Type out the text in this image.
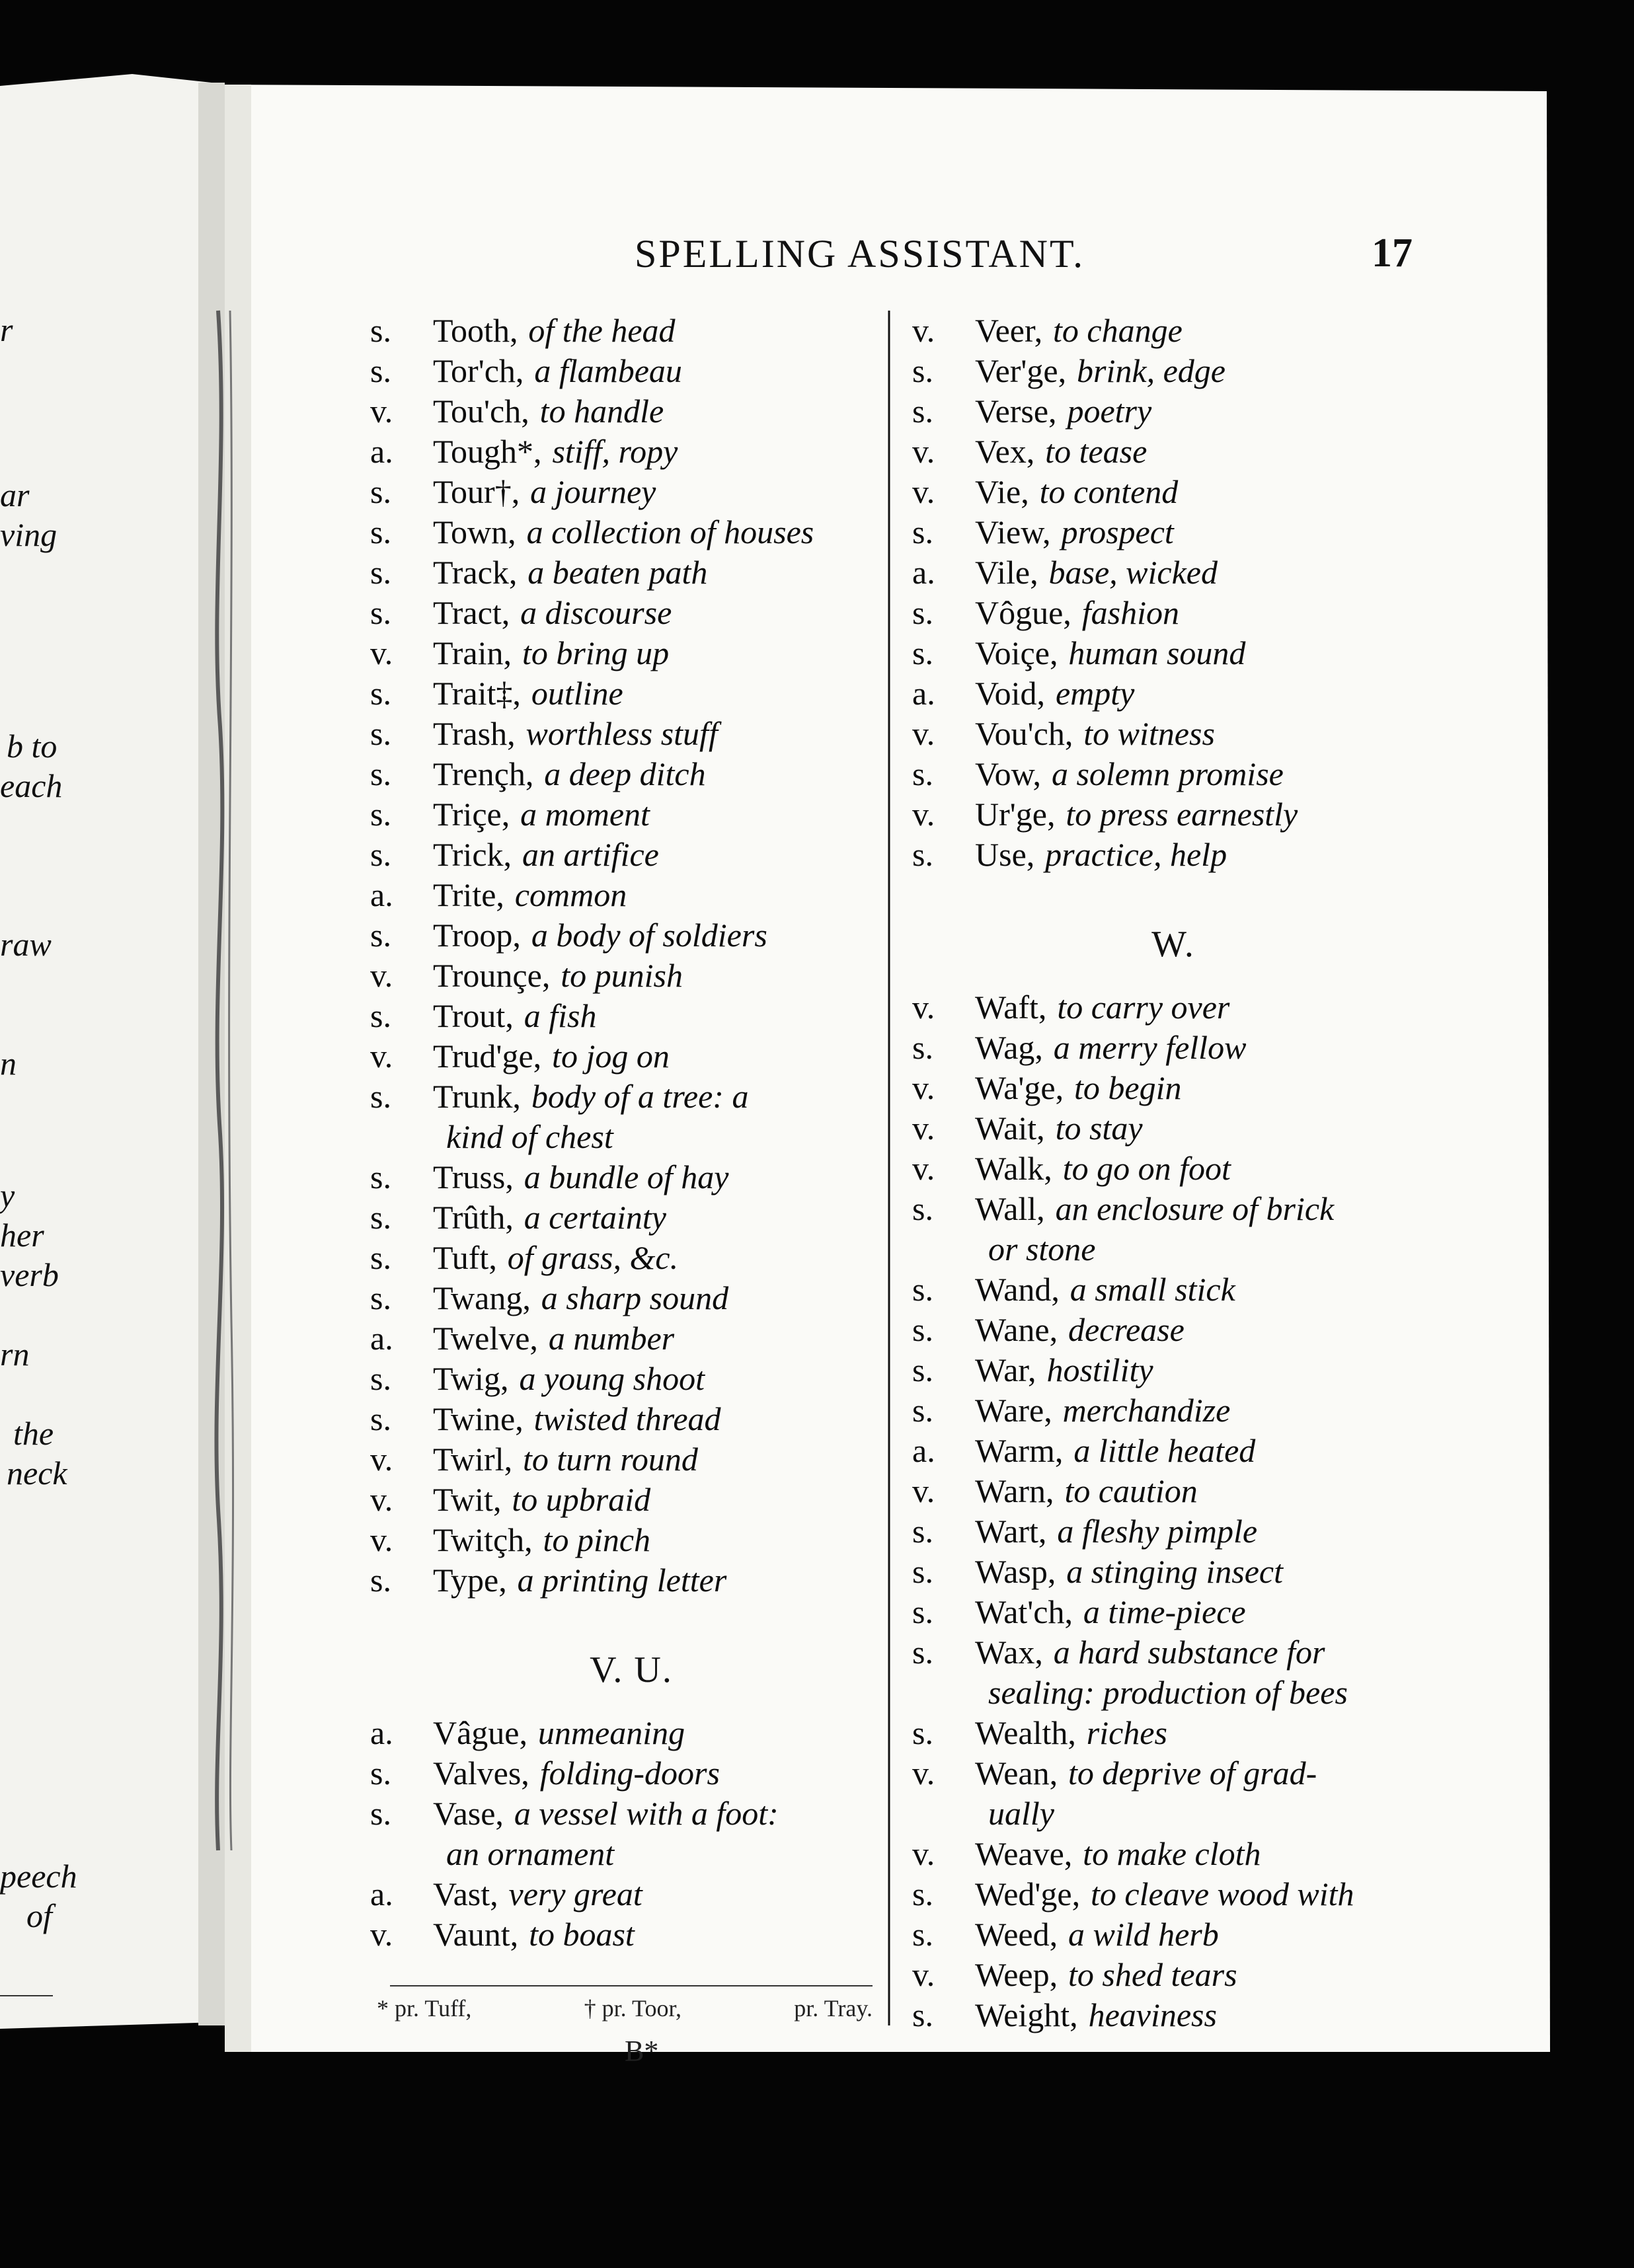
SPELLING ASSISTANT.	17
s.	Tooth, of the head
s.	Tor'ch, a flambeau
v.	Tou'ch, to handle
a.	Tough*, stiff, ropy
s.	Tour†, a journey
s.	Town, a collection of houses
s.	Track, a beaten path
s.	Tract, a discourse
v.	Train, to bring up
s.	Trait‡, outline
s.	Trash, worthless stuff
s.	Trençh, a deep ditch
s.	Triçe, a moment
s.	Trick, an artifice
a.	Trite, common
s.	Troop, a body of soldiers
v.	Trounçe, to punish
s.	Trout, a fish
v.	Trud'ge, to jog on
s.	Trunk, body of a tree: a
kind of chest
s.	Truss, a bundle of hay
s.	Trûth, a certainty
s.	Tuft, of grass, &c.
s.	Twang, a sharp sound
a.	Twelve, a number
s.	Twig, a young shoot
s.	Twine, twisted thread
v.	Twirl, to turn round
v.	Twit, to upbraid
v.	Twitçh, to pinch
s.	Type, a printing letter
V. U.
a.	Vâgue, unmeaning
s.	Valves, folding-doors
s.	Vase, a vessel with a foot:
an ornament
a.	Vast, very great
v.	Vaunt, to boast
v.	Veer, to change
s.	Ver'ge, brink, edge
s.	Verse, poetry
v.	Vex, to tease
v.	Vie, to contend
s.	View, prospect
a.	Vile, base, wicked
s.	Vôgue, fashion
s.	Voiçe, human sound
a.	Void, empty
v.	Vou'ch, to witness
s.	Vow, a solemn promise
v.	Ur'ge, to press earnestly
s.	Use, practice, help
W.
v.	Waft, to carry over
s.	Wag, a merry fellow
v.	Wa'ge, to begin
v.	Wait, to stay
v.	Walk, to go on foot
s.	Wall, an enclosure of brick
or stone
s.	Wand, a small stick
s.	Wane, decrease
s.	War, hostility
s.	Ware, merchandize
a.	Warm, a little heated
v.	Warn, to caution
s.	Wart, a fleshy pimple
s.	Wasp, a stinging insect
s.	Wat'ch, a time-piece
s.	Wax, a hard substance for
sealing: production of bees
s.	Wealth, riches
v.	Wean, to deprive of grad-
ually
v.	Weave, to make cloth
s.	Wed'ge, to cleave wood with
s.	Weed, a wild herb
v.	Weep, to shed tears
s.	Weight, heaviness
* pr. Tuff,	† pr. Toor,	pr. Tray.
B*
r
ar
ving
b to
each
raw
n
y
her
verb
rn
the
neck
peech
of
